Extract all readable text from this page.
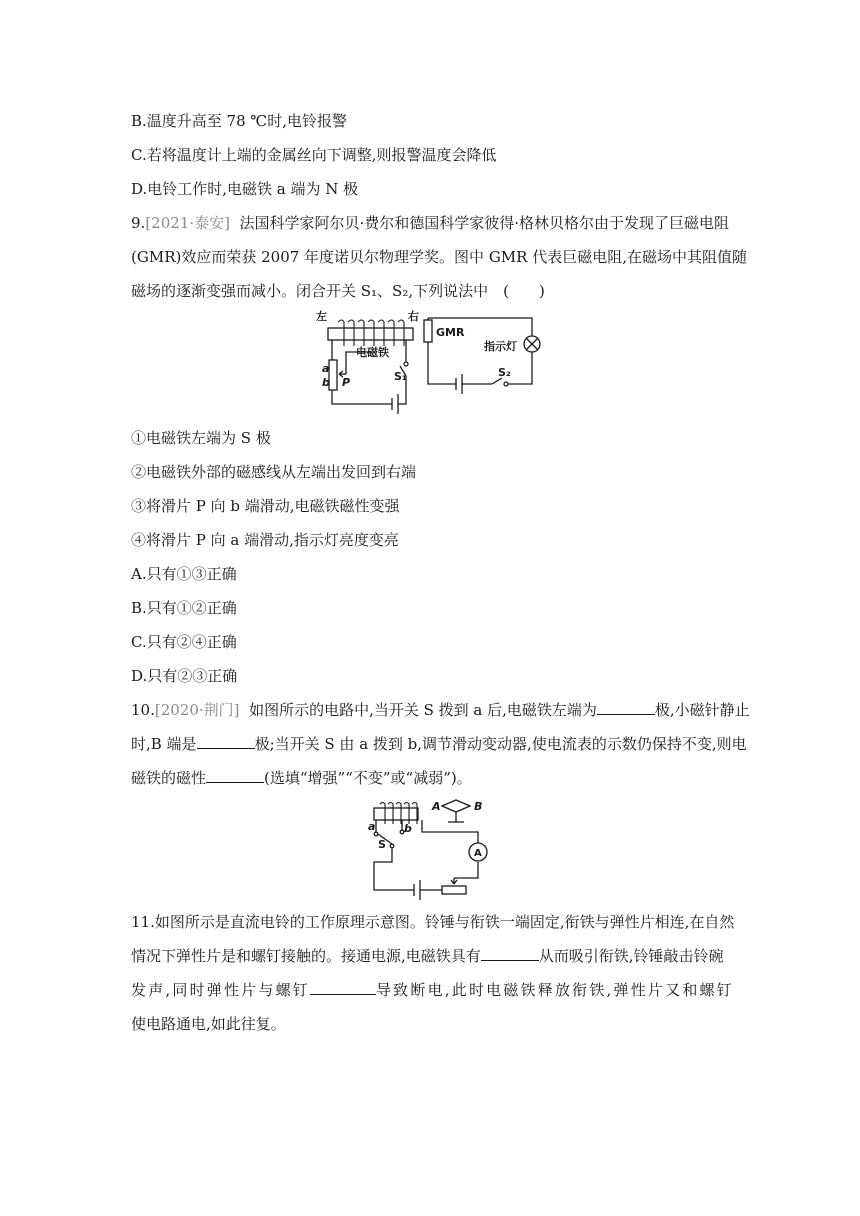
B.温度升高至 78 ℃时,电铃报警
C.若将温度计上端的金属丝向下调整,则报警温度会降低
D.电铃工作时,电磁铁 a 端为 N 极
9.[2021·泰安] 法国科学家阿尔贝·费尔和德国科学家彼得·格林贝格尔由于发现了巨磁电阻
(GMR)效应而荣获 2007 年度诺贝尔物理学奖。图中 GMR 代表巨磁电阻,在磁场中其阻值随
磁场的逐渐变强而减小。闭合开关 S₁、S₂,下列说法中　(　　)
左	右
电磁铁
a
b P	S₁
GMR
指示灯
S₂
①电磁铁左端为 S 极
②电磁铁外部的磁感线从左端出发回到右端
③将滑片 P 向 b 端滑动,电磁铁磁性变强
④将滑片 P 向 a 端滑动,指示灯亮度变亮
A.只有①③正确
B.只有①②正确
C.只有②④正确
D.只有②③正确
10.[2020·荆门] 如图所示的电路中,当开关 S 拨到 a 后,电磁铁左端为	极,小磁针静止
时,B 端是	极;当开关 S 由 a 拨到 b,调节滑动变动器,使电流表的示数仍保持不变,则电
磁铁的磁性	(选填“增强”“不变”或“减弱”)。
A	B
a	b
S
A
11.如图所示是直流电铃的工作原理示意图。铃锤与衔铁一端固定,衔铁与弹性片相连,在自然
情况下弹性片是和螺钉接触的。接通电源,电磁铁具有	从而吸引衔铁,铃锤敲击铃碗
发声,同时弹性片与螺钉	导致断电,此时电磁铁释放衔铁,弹性片又和螺钉
使电路通电,如此往复。
